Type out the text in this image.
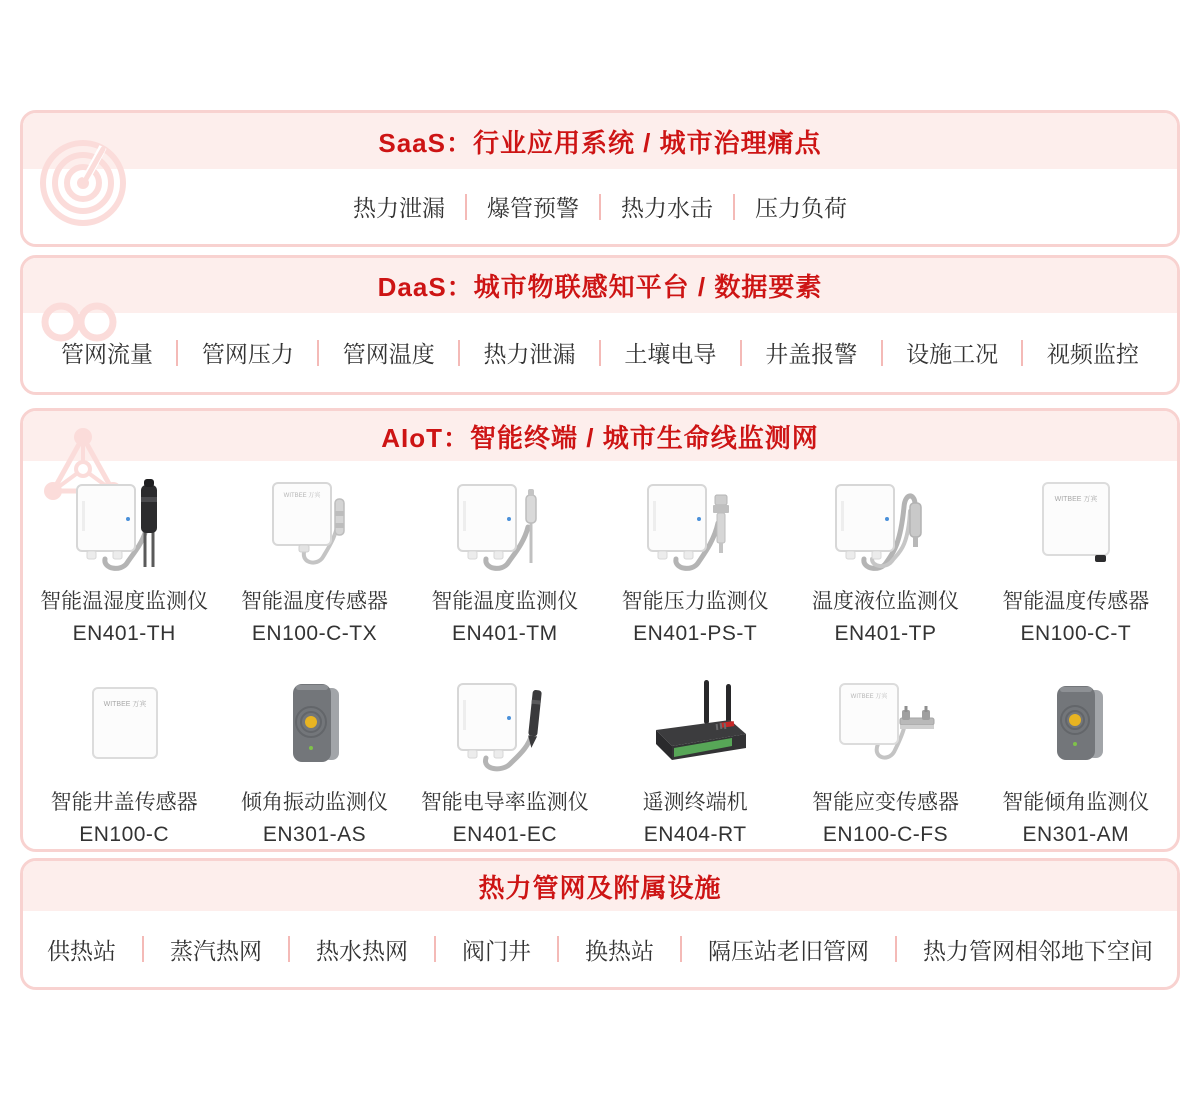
SaaS：行业应用系统 / 城市治理痛点
热力泄漏 爆管预警 热力水击 压力负荷
DaaS：城市物联感知平台 / 数据要素
管网流量 管网压力 管网温度 热力泄漏 土壤电导 井盖报警 设施工况 视频监控
AIoT：智能终端 / 城市生命线监测网
智能温湿度监测仪
EN401-TH
WITBEE 万宾
智能温度传感器
EN100-C-TX
智能温度监测仪
EN401-TM
智能压力监测仪
EN401-PS-T
温度液位监测仪
EN401-TP
WITBEE 万宾
智能温度传感器
EN100-C-T
WITBEE 万宾
智能井盖传感器
EN100-C
倾角振动监测仪
EN301-AS
智能电导率监测仪
EN401-EC
遥测终端机
EN404-RT
WITBEE 万宾
智能应变传感器
EN100-C-FS
智能倾角监测仪
EN301-AM
热力管网及附属设施
供热站 蒸汽热网 热水热网 阀门井 换热站 隔压站老旧管网 热力管网相邻地下空间
